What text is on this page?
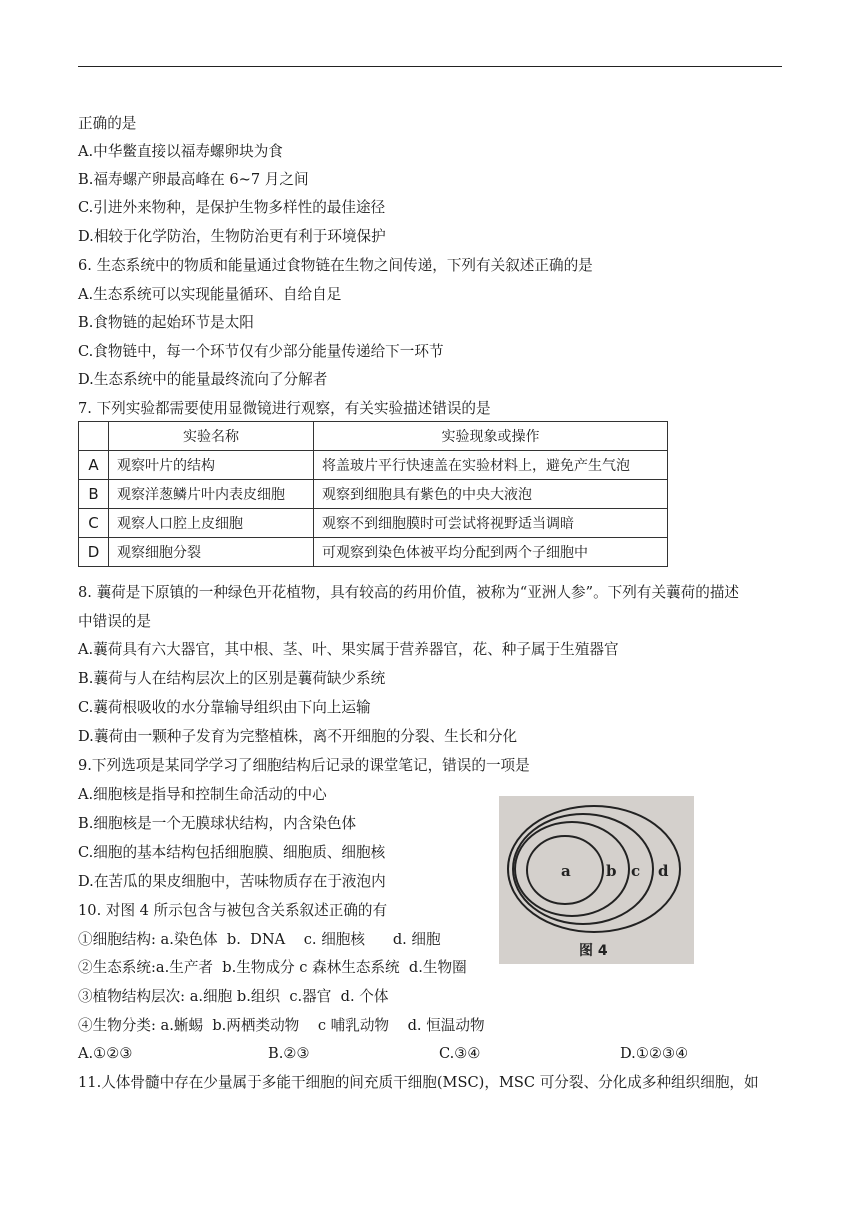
正确的是
A.中华鳖直接以福寿螺卵块为食
B.福寿螺产卵最高峰在 6~7 月之间
C.引进外来物种，是保护生物多样性的最佳途径
D.相较于化学防治，生物防治更有利于环境保护
6. 生态系统中的物质和能量通过食物链在生物之间传递，下列有关叙述正确的是
A.生态系统可以实现能量循环、自给自足
B.食物链的起始环节是太阳
C.食物链中，每一个环节仅有少部分能量传递给下一环节
D.生态系统中的能量最终流向了分解者
7. 下列实验都需要使用显微镜进行观察，有关实验描述错误的是
	实验名称	实验现象或操作
A	观察叶片的结构	将盖玻片平行快速盖在实验材料上，避免产生气泡
B	观察洋葱鳞片叶内表皮细胞	观察到细胞具有紫色的中央大液泡
C	观察人口腔上皮细胞	观察不到细胞膜时可尝试将视野适当调暗
D	观察细胞分裂	可观察到染色体被平均分配到两个子细胞中
8. 蘘荷是下原镇的一种绿色开花植物，具有较高的药用价值，被称为“亚洲人参”。下列有关蘘荷的描述
中错误的是
A.蘘荷具有六大器官，其中根、茎、叶、果实属于营养器官，花、种子属于生殖器官
B.蘘荷与人在结构层次上的区别是蘘荷缺少系统
C.蘘荷根吸收的水分靠输导组织由下向上运输
D.蘘荷由一颗种子发育为完整植株，离不开细胞的分裂、生长和分化
9.下列选项是某同学学习了细胞结构后记录的课堂笔记，错误的一项是
A.细胞核是指导和控制生命活动的中心
B.细胞核是一个无膜球状结构，内含染色体
C.细胞的基本结构包括细胞膜、细胞质、细胞核
D.在苦瓜的果皮细胞中，苦味物质存在于液泡内
a b c d
图 4
10. 对图 4 所示包含与被包含关系叙述正确的有
①细胞结构: a.染色体  b.  DNA    c. 细胞核      d. 细胞
②生态系统:a.生产者  b.生物成分 c 森林生态系统  d.生物圈
③植物结构层次: a.细胞 b.组织  c.器官  d. 个体
④生物分类: a.蜥蜴  b.两栖类动物    c 哺乳动物    d. 恒温动物
A.①②③	B.②③	C.③④	D.①②③④
11.人体骨髓中存在少量属于多能干细胞的间充质干细胞(MSC)，MSC 可分裂、分化成多种组织细胞，如
